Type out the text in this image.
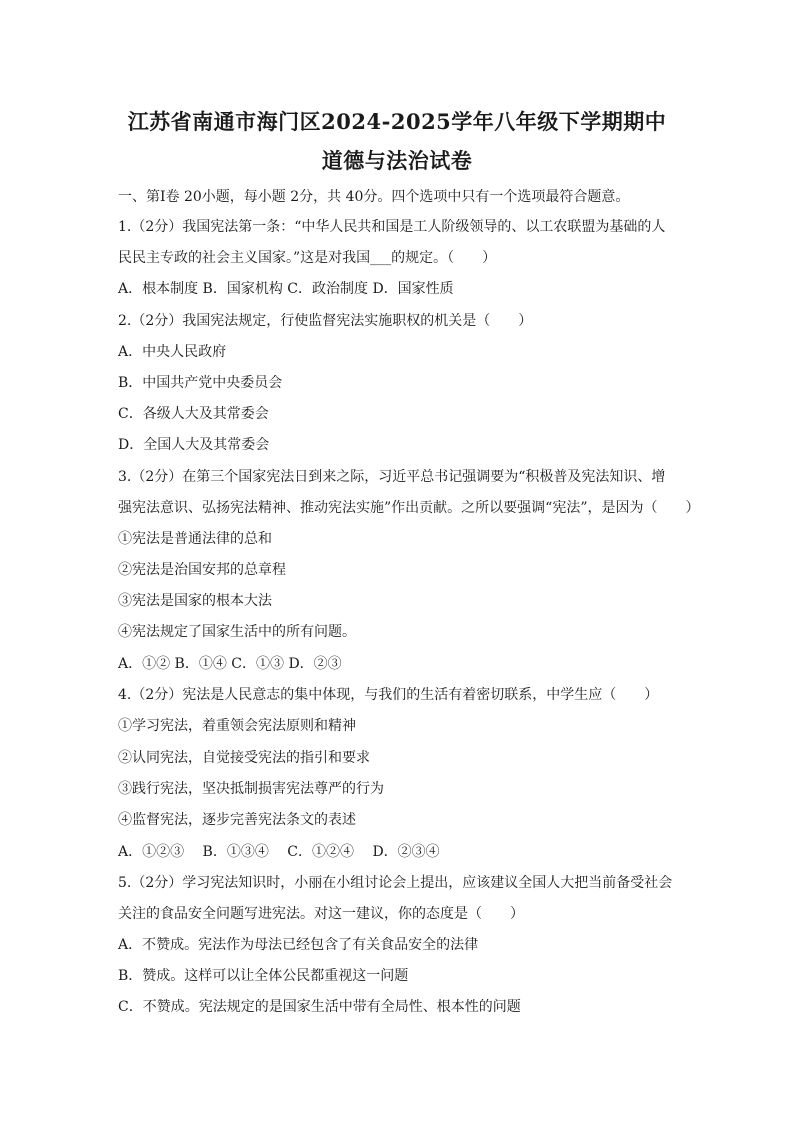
江苏省南通市海门区2024-2025学年八年级下学期期中
道德与法治试卷
一、第Ⅰ卷 20小题，每小题 2分，共 40分。四个选项中只有一个选项最符合题意。
1.（2分）我国宪法第一条：“中华人民共和国是工人阶级领导的、以工农联盟为基础的人
民民主专政的社会主义国家。”这是对我国___的规定。（　　）
A．根本制度 B．国家机构 C．政治制度 D．国家性质
2.（2分）我国宪法规定，行使监督宪法实施职权的机关是（　　）
A．中央人民政府
B．中国共产党中央委员会
C．各级人大及其常委会
D．全国人大及其常委会
3.（2分）在第三个国家宪法日到来之际，习近平总书记强调要为“积极普及宪法知识、增
强宪法意识、弘扬宪法精神、推动宪法实施”作出贡献。之所以要强调“宪法”，是因为（　　）
①宪法是普通法律的总和
②宪法是治国安邦的总章程
③宪法是国家的根本大法
④宪法规定了国家生活中的所有问题。
A．①② B．①④ C．①③ D．②③
4.（2分）宪法是人民意志的集中体现，与我们的生活有着密切联系，中学生应（　　）
①学习宪法，着重领会宪法原则和精神
②认同宪法，自觉接受宪法的指引和要求
③践行宪法，坚决抵制损害宪法尊严的行为
④监督宪法，逐步完善宪法条文的表述
A．①②③　 B．①③④　 C．①②④　 D．②③④
5.（2分）学习宪法知识时，小丽在小组讨论会上提出，应该建议全国人大把当前备受社会
关注的食品安全问题写进宪法。对这一建议，你的态度是（　　）
A．不赞成。宪法作为母法已经包含了有关食品安全的法律
B．赞成。这样可以让全体公民都重视这一问题
C．不赞成。宪法规定的是国家生活中带有全局性、根本性的问题
